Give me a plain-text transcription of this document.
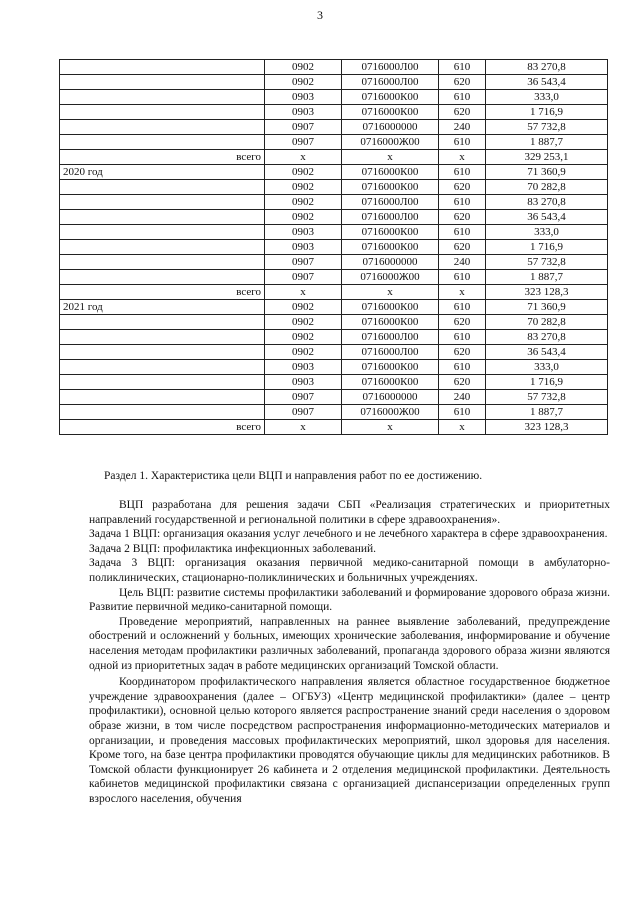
3
	0902	0716000Л00	610	83 270,8
	0902	0716000Л00	620	36 543,4
	0903	0716000К00	610	333,0
	0903	0716000К00	620	1 716,9
	0907	0716000000	240	57 732,8
	0907	0716000Ж00	610	1 887,7
всего	х	х	х	329 253,1
2020 год	0902	0716000К00	610	71 360,9
	0902	0716000К00	620	70 282,8
	0902	0716000Л00	610	83 270,8
	0902	0716000Л00	620	36 543,4
	0903	0716000К00	610	333,0
	0903	0716000К00	620	1 716,9
	0907	0716000000	240	57 732,8
	0907	0716000Ж00	610	1 887,7
всего	х	х	х	323 128,3
2021 год	0902	0716000К00	610	71 360,9
	0902	0716000К00	620	70 282,8
	0902	0716000Л00	610	83 270,8
	0902	0716000Л00	620	36 543,4
	0903	0716000К00	610	333,0
	0903	0716000К00	620	1 716,9
	0907	0716000000	240	57 732,8
	0907	0716000Ж00	610	1 887,7
всего	х	х	х	323 128,3
Раздел 1. Характеристика цели ВЦП и направления работ по ее достижению.

ВЦП разработана для решения задачи СБП «Реализация стратегических и приоритетных направлений государственной и региональной политики в сфере здравоохранения».

Задача 1 ВЦП: организация оказания услуг лечебного и не лечебного характера в сфере здравоохранения.

Задача 2 ВЦП: профилактика инфекционных заболеваний.

Задача 3 ВЦП: организация оказания первичной медико-санитарной помощи в амбулаторно-поликлинических, стационарно-поликлинических и больничных учреждениях.

Цель ВЦП: развитие системы профилактики заболеваний и формирование здорового образа жизни. Развитие первичной медико-санитарной помощи.

Проведение мероприятий, направленных на раннее выявление заболеваний, предупреждение обострений и осложнений у больных, имеющих хронические заболевания, информирование и обучение населения методам профилактики различных заболеваний, пропаганда здорового образа жизни являются одной из приоритетных задач в работе медицинских организаций Томской области.

Координатором профилактического направления является областное государственное бюджетное учреждение здравоохранения (далее – ОГБУЗ) «Центр медицинской профилактики» (далее – центр профилактики), основной целью которого является распространение знаний среди населения о здоровом образе жизни, в том числе посредством распространения информационно-методических материалов и организации, и проведения массовых профилактических мероприятий, школ здоровья для населения. Кроме того, на базе центра профилактики проводятся обучающие циклы для медицинских работников. В Томской области функционирует 26 кабинета и 2 отделения медицинской профилактики. Деятельность кабинетов медицинской профилактики связана с организацией диспансеризации определенных групп взрослого населения, обучения
